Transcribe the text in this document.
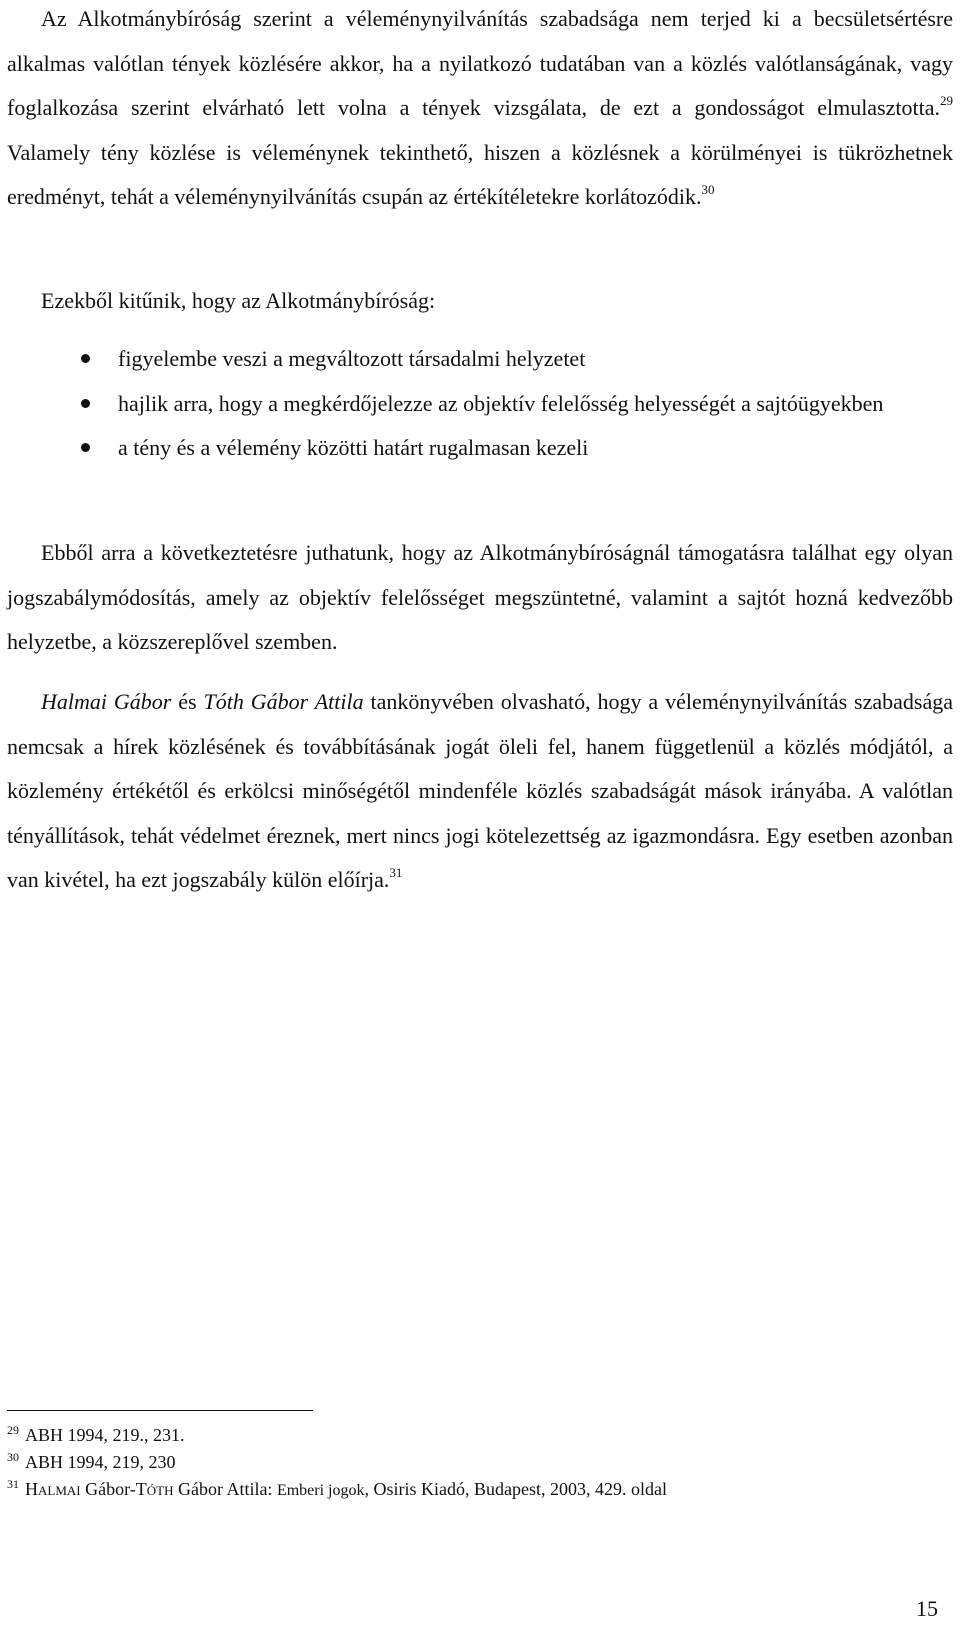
Az Alkotmánybíróság szerint a véleménynyilvánítás szabadsága nem terjed ki a becsületsértésre alkalmas valótlan tények közlésére akkor, ha a nyilatkozó tudatában van a közlés valótlanságának, vagy foglalkozása szerint elvárható lett volna a tények vizsgálata, de ezt a gondosságot elmulasztotta.$^{29}$ Valamely tény közlése is véleménynek tekinthető, hiszen a közlésnek a körülményei is tükrözhetnek eredményt, tehát a véleménynyilvánítás csupán az értékítéletekre korlátozódik.$^{30}$

Ezekből kitűnik, hogy az Alkotmánybíróság:

figyelembe veszi a megváltozott társadalmi helyzetet
hajlik arra, hogy a megkérdőjelezze az objektív felelősség helyességét a sajtóügyekben
a tény és a vélemény közötti határt rugalmasan kezeli

Ebből arra a következtetésre juthatunk, hogy az Alkotmánybíróságnál támogatásra találhat egy olyan jogszabálymódosítás, amely az objektív felelősséget megszüntetné, valamint a sajtót hozná kedvezőbb helyzetbe, a közszereplővel szemben.

Halmai Gábor és Tóth Gábor Attila tankönyvében olvasható, hogy a véleménynyilvánítás szabadsága nemcsak a hírek közlésének és továbbításának jogát öleli fel, hanem függetlenül a közlés módjától, a közlemény értékétől és erkölcsi minőségétől mindenféle közlés szabadságát mások irányába. A valótlan tényállítások, tehát védelmet éreznek, mert nincs jogi kötelezettség az igazmondásra. Egy esetben azonban van kivétel, ha ezt jogszabály külön előírja.$^{31}$

$^{29}$ ABH 1994, 219., 231.
$^{30}$ ABH 1994, 219, 230
$^{31}$ HALMAI Gábor-TÓTH Gábor Attila: Emberi jogok, Osiris Kiadó, Budapest, 2003, 429. oldal
15
